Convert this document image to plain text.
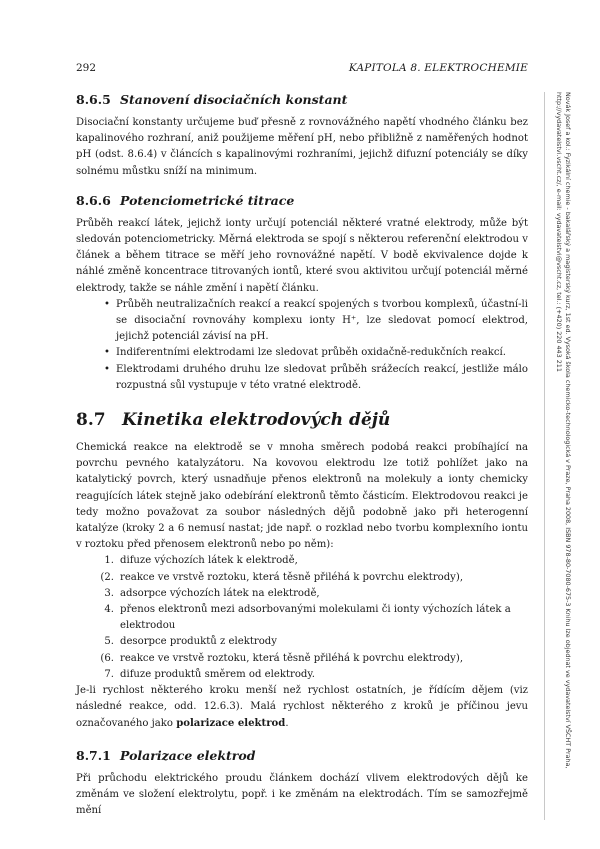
292	KAPITOLA 8. ELEKTROCHEMIE
8.6.5 Stanovení disociačních konstant

Disociační konstanty určujeme buď přesně z rovnovážného napětí vhodného článku bez kapalinového rozhraní, aniž použijeme měření pH, nebo přibližně z naměřených hodnot pH (odst. 8.6.4) v článcích s kapalinovými rozhraními, jejichž difuzní potenciály se díky solnému můstku sníží na minimum.

8.6.6 Potenciometrické titrace

Průběh reakcí látek, jejichž ionty určují potenciál některé vratné elektrody, může být sledován potenciometricky. Měrná elektroda se spojí s některou referenční elektrodou v článek a během titrace se měří jeho rovnovážné napětí. V bodě ekvivalence dojde k náhlé změně koncentrace titrovaných iontů, které svou aktivitou určují potenciál měrné elektrody, takže se náhle změní i napětí článku.

• Průběh neutralizačních reakcí a reakcí spojených s tvorbou komplexů, účastní-li se disociační rovnováhy komplexu ionty H⁺, lze sledovat pomocí elektrod, jejichž potenciál závisí na pH.
• Indiferentními elektrodami lze sledovat průběh oxidačně-redukčních reakcí.
• Elektrodami druhého druhu lze sledovat průběh srážecích reakcí, jestliže málo rozpustná sůl vystupuje v této vratné elektrodě.
8.7 Kinetika elektrodových dějů

Chemická reakce na elektrodě se v mnoha směrech podobá reakci probíhající na povrchu pevného katalyzátoru. Na kovovou elektrodu lze totiž pohlížet jako na katalytický povrch, který usnadňuje přenos elektronů na molekuly a ionty chemicky reagujících látek stejně jako odebírání elektronů těmto částicím. Elektrodovou reakci je tedy možno považovat za soubor následných dějů podobně jako při heterogenní katalýze (kroky 2 a 6 nemusí nastat; jde např. o rozklad nebo tvorbu komplexního iontu v roztoku před přenosem elektronů nebo po něm):

1. difuze výchozích látek k elektrodě,
(2. reakce ve vrstvě roztoku, která těsně přiléhá k povrchu elektrody),
3. adsorpce výchozích látek na elektrodě,
4. přenos elektronů mezi adsorbovanými molekulami či ionty výchozích látek a elektrodou
5. desorpce produktů z elektrody
(6. reakce ve vrstvě roztoku, která těsně přiléhá k povrchu elektrody),
7. difuze produktů směrem od elektrody.

Je-li rychlost některého kroku menší než rychlost ostatních, je řídícím dějem (viz následné reakce, odd. 12.6.3). Malá rychlost některého z kroků je příčinou jevu označovaného jako polarizace elektrod.

8.7.1 Polarizace elektrod

Při průchodu elektrického proudu článkem dochází vlivem elektrodových dějů ke změnám ve složení elektrolytu, popř. i ke změnám na elektrodách. Tím se samozřejmě mění

Novák Josef a kol.: Fyzikální chemie - bakalářský a magisterský kurz, 1st ed. Vysoká škola chemicko-technologická v Praze, Praha 2008, ISBN 978-80-7080-675-3 Knihu lze objednat ve vydavatelství VŠCHT Praha, http://vydavatelstvi.vscht.cz/, e-mail: vydavatelstvi@vscht.cz, tel.: (+420) 220 443 211
